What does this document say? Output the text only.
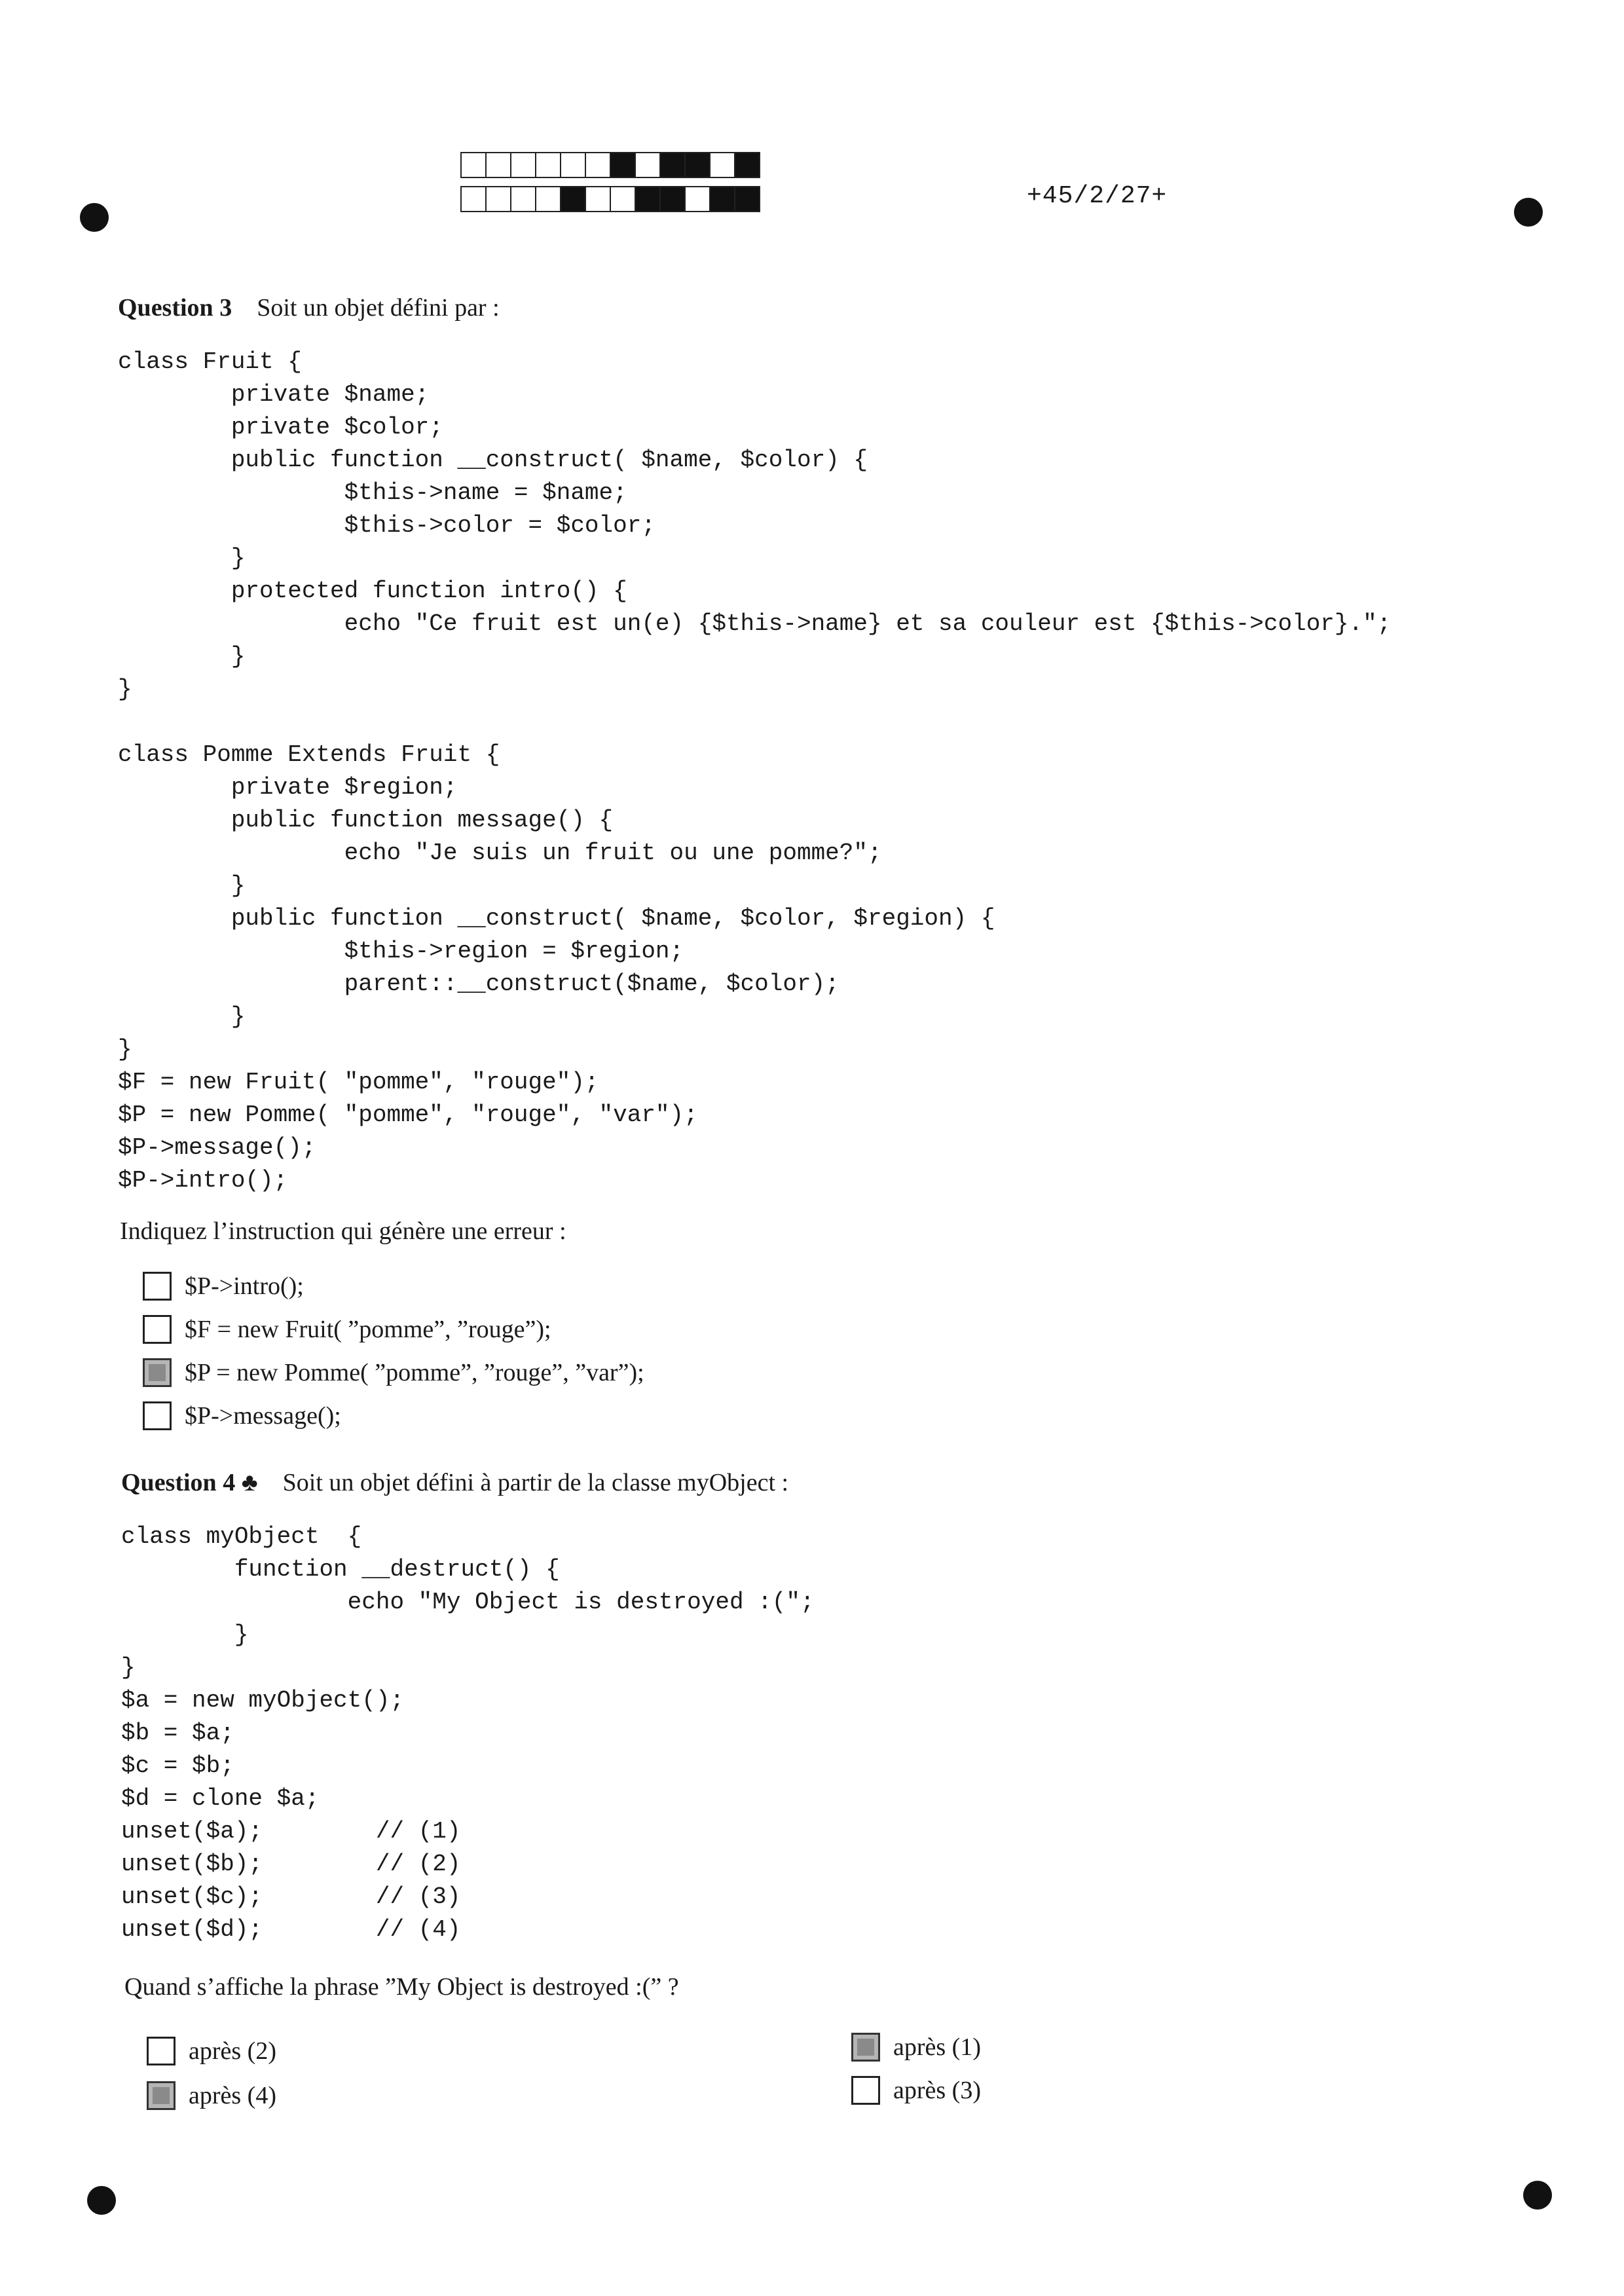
+45/2/27+
Question 3 Soit un objet défini par :
class Fruit {
private $name;
private $color;
public function __construct( $name, $color) {
$this->name = $name;
$this->color = $color;
}
protected function intro() {
echo "Ce fruit est un(e) {$this->name} et sa couleur est {$this->color}.";
}
}

class Pomme Extends Fruit {
private $region;
public function message() {
echo "Je suis un fruit ou une pomme?";
}
public function __construct( $name, $color, $region) {
$this->region = $region;
parent::__construct($name, $color);
}
}
$F = new Fruit( "pomme", "rouge");
$P = new Pomme( "pomme", "rouge", "var");
$P->message();
$P->intro();
Indiquez l’instruction qui génère une erreur :
$P->intro();
$F = new Fruit( ”pomme”, ”rouge”);
$P = new Pomme( ”pomme”, ”rouge”, ”var”);
$P->message();
Question 4 ♣ Soit un objet défini à partir de la classe myObject :
class myObject  {
function __destruct() {
echo "My Object is destroyed :(";
}
}
$a = new myObject();
$b = $a;
$c = $b;
$d = clone $a;
unset($a);        // (1)
unset($b);        // (2)
unset($c);        // (3)
unset($d);        // (4)
Quand s’affiche la phrase ”My Object is destroyed :(” ?
après (2)
après (4)
après (1)
après (3)
